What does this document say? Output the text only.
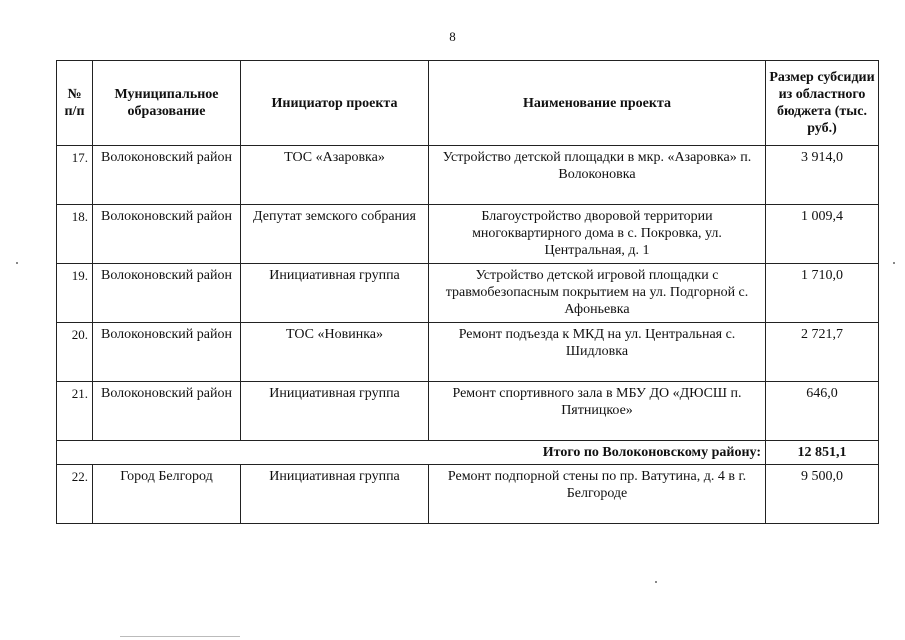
8
№ п/п	Муниципальное образование	Инициатор проекта	Наименование проекта	Размер субсидии из областного бюджета (тыс. руб.)
17.	Волоконовский район	ТОС «Азаровка»	Устройство детской площадки в мкр. «Азаровка» п. Волоконовка	3 914,0
18.	Волоконовский район	Депутат земского собрания	Благоустройство дворовой территории многоквартирного дома в с. Покровка, ул. Центральная, д. 1	1 009,4
19.	Волоконовский район	Инициативная группа	Устройство детской игровой площадки с травмобезопасным покрытием на ул. Подгорной с. Афоньевка	1 710,0
20.	Волоконовский район	ТОС «Новинка»	Ремонт подъезда к МКД на ул. Центральная с. Шидловка	2 721,7
21.	Волоконовский район	Инициативная группа	Ремонт спортивного зала в МБУ ДО «ДЮСШ п. Пятницкое»	646,0
Итого по Волоконовскому району:				12 851,1
22.	Город Белгород	Инициативная группа	Ремонт подпорной стены по пр. Ватутина, д. 4 в г. Белгороде	9 500,0
